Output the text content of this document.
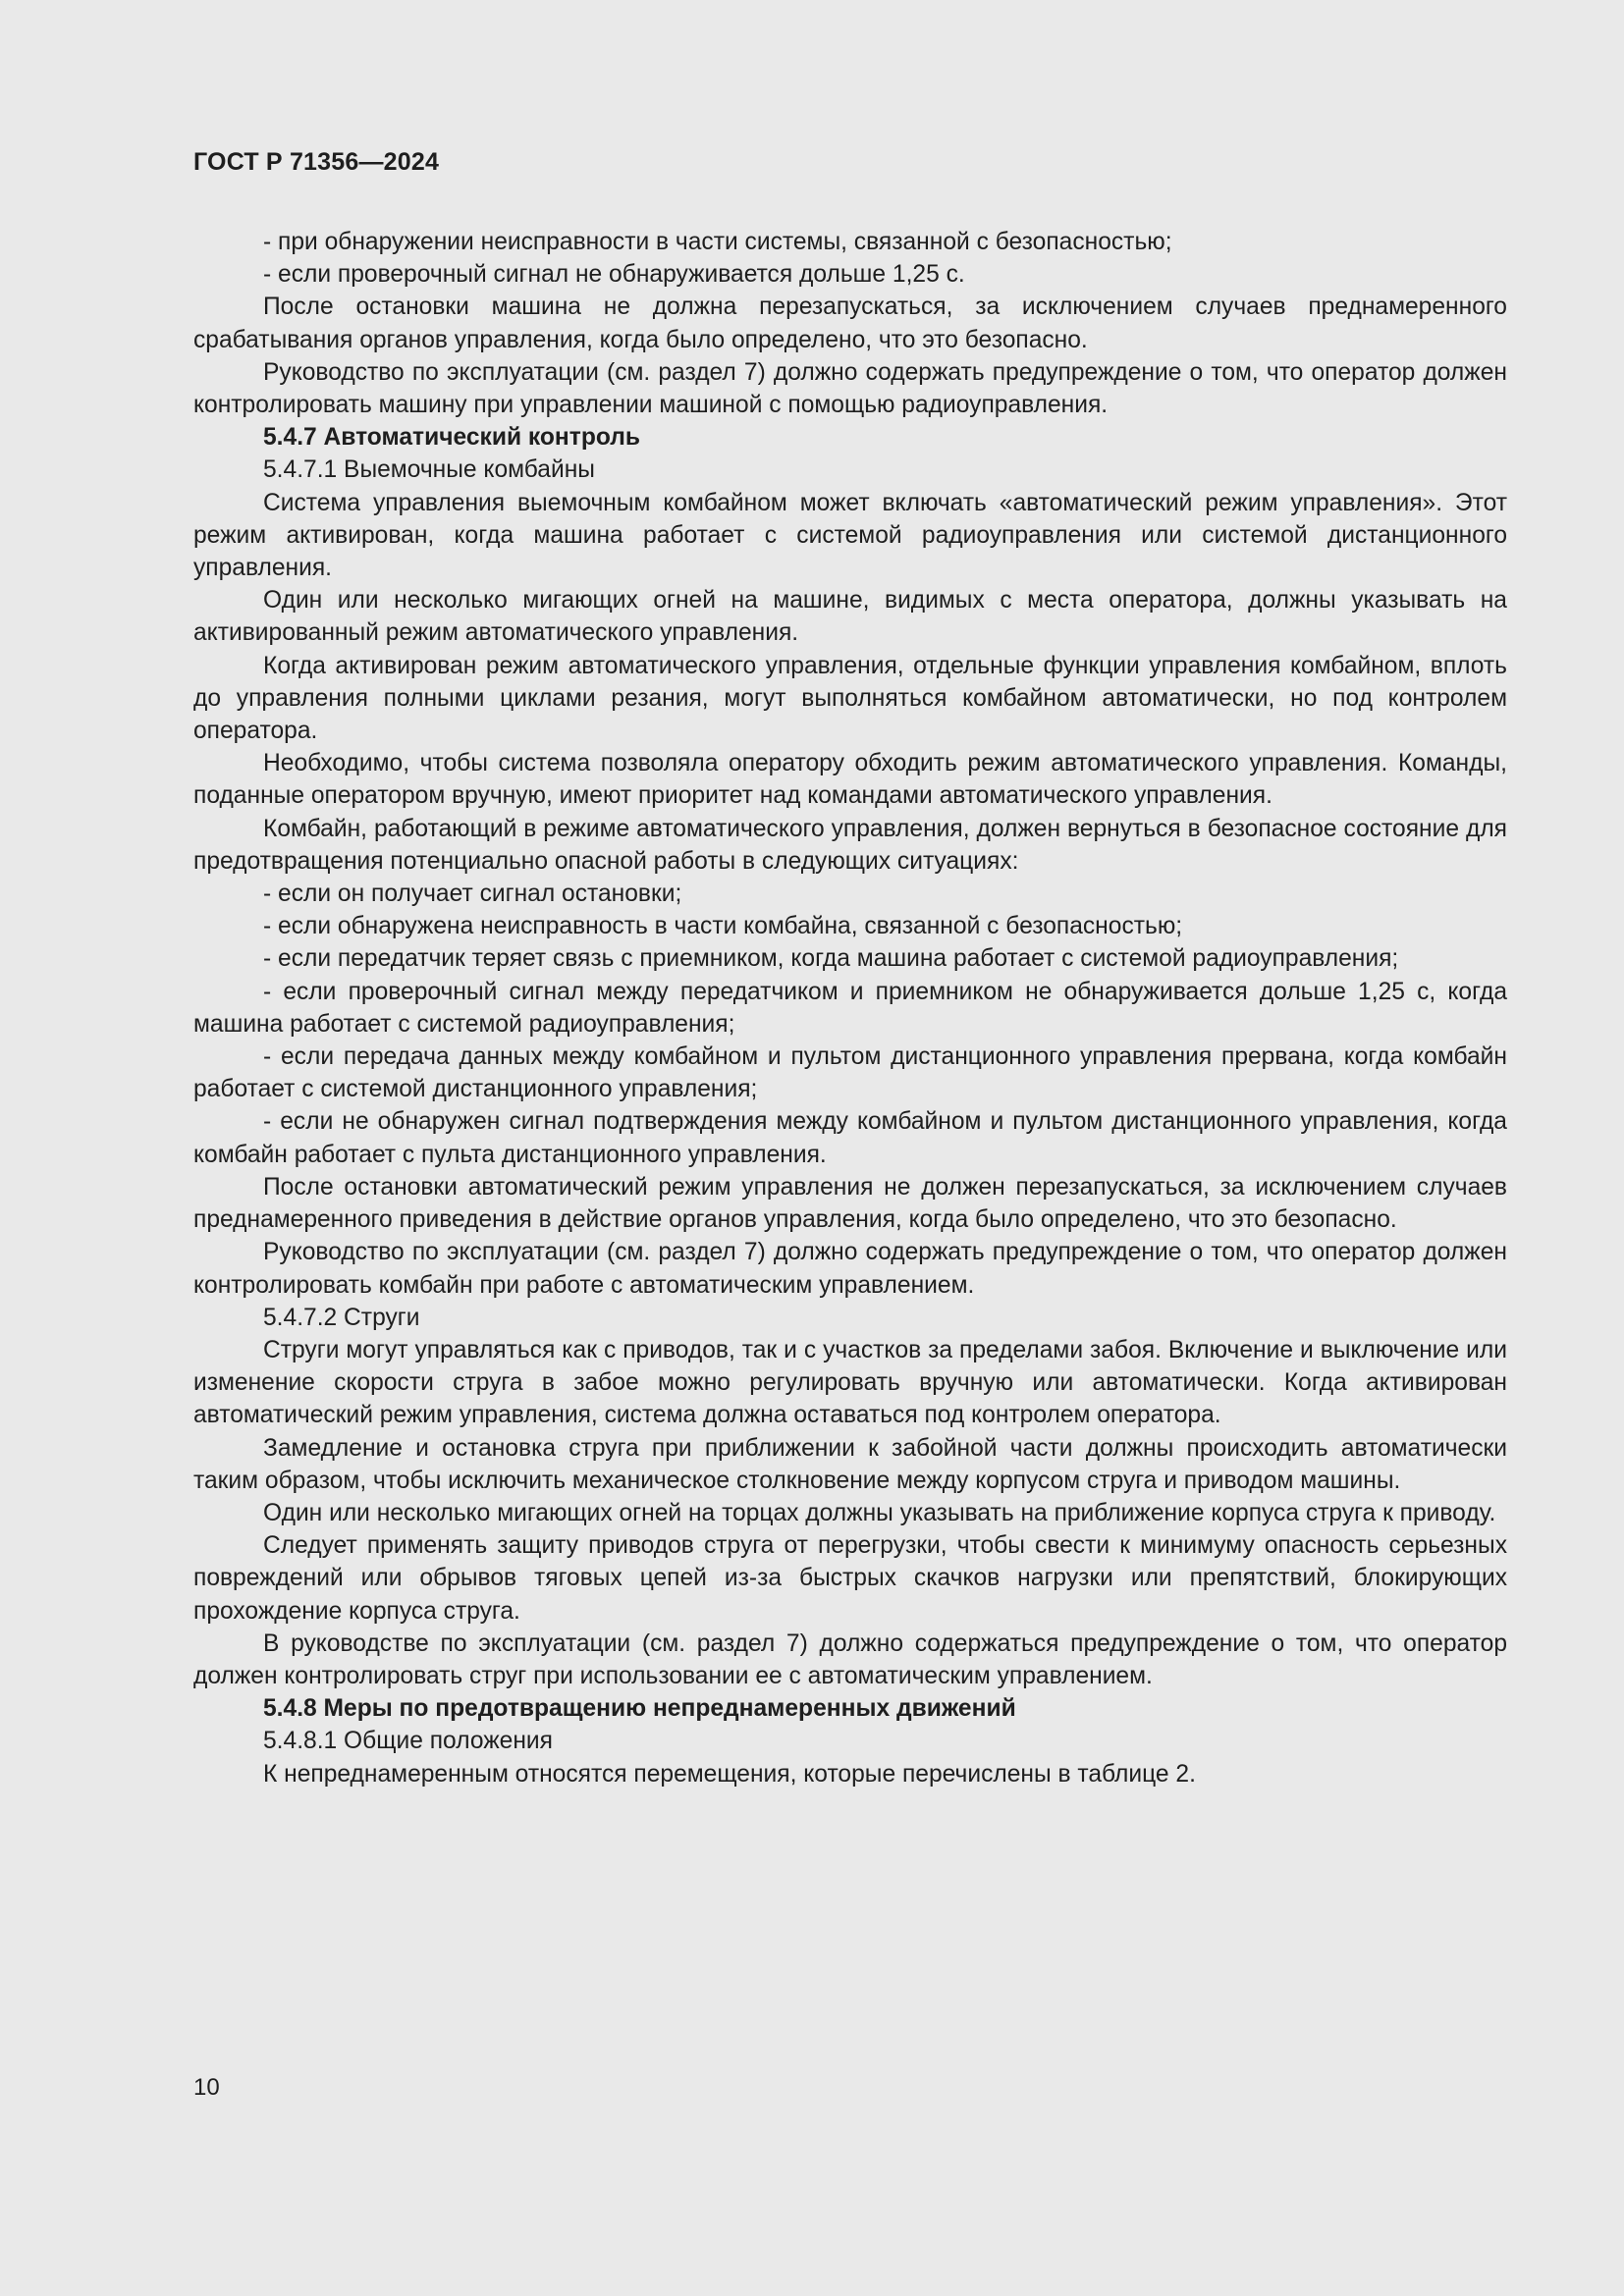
ГОСТ Р 71356—2024

- при обнаружении неисправности в части системы, связанной с безопасностью;

- если проверочный сигнал не обнаруживается дольше 1,25 с.

После остановки машина не должна перезапускаться, за исключением случаев преднамеренного срабатывания органов управления, когда было определено, что это безопасно.

Руководство по эксплуатации (см. раздел 7) должно содержать предупреждение о том, что оператор должен контролировать машину при управлении машиной с помощью радиоуправления.

5.4.7 Автоматический контроль

5.4.7.1 Выемочные комбайны

Система управления выемочным комбайном может включать «автоматический режим управления». Этот режим активирован, когда машина работает с системой радиоуправления или системой дистанционного управления.

Один или несколько мигающих огней на машине, видимых с места оператора, должны указывать на активированный режим автоматического управления.

Когда активирован режим автоматического управления, отдельные функции управления комбайном, вплоть до управления полными циклами резания, могут выполняться комбайном автоматически, но под контролем оператора.

Необходимо, чтобы система позволяла оператору обходить режим автоматического управления. Команды, поданные оператором вручную, имеют приоритет над командами автоматического управления.

Комбайн, работающий в режиме автоматического управления, должен вернуться в безопасное состояние для предотвращения потенциально опасной работы в следующих ситуациях:

- если он получает сигнал остановки;

- если обнаружена неисправность в части комбайна, связанной с безопасностью;

- если передатчик теряет связь с приемником, когда машина работает с системой радиоуправления;

- если проверочный сигнал между передатчиком и приемником не обнаруживается дольше 1,25 с, когда машина работает с системой радиоуправления;

- если передача данных между комбайном и пультом дистанционного управления прервана, когда комбайн работает с системой дистанционного управления;

- если не обнаружен сигнал подтверждения между комбайном и пультом дистанционного управления, когда комбайн работает с пульта дистанционного управления.

После остановки автоматический режим управления не должен перезапускаться, за исключением случаев преднамеренного приведения в действие органов управления, когда было определено, что это безопасно.

Руководство по эксплуатации (см. раздел 7) должно содержать предупреждение о том, что оператор должен контролировать комбайн при работе с автоматическим управлением.

5.4.7.2 Струги

Струги могут управляться как с приводов, так и с участков за пределами забоя. Включение и выключение или изменение скорости струга в забое можно регулировать вручную или автоматически. Когда активирован автоматический режим управления, система должна оставаться под контролем оператора.

Замедление и остановка струга при приближении к забойной части должны происходить автоматически таким образом, чтобы исключить механическое столкновение между корпусом струга и приводом машины.

Один или несколько мигающих огней на торцах должны указывать на приближение корпуса струга к приводу.

Следует применять защиту приводов струга от перегрузки, чтобы свести к минимуму опасность серьезных повреждений или обрывов тяговых цепей из-за быстрых скачков нагрузки или препятствий, блокирующих прохождение корпуса струга.

В руководстве по эксплуатации (см. раздел 7) должно содержаться предупреждение о том, что оператор должен контролировать струг при использовании ее с автоматическим управлением.

5.4.8 Меры по предотвращению непреднамеренных движений

5.4.8.1 Общие положения

К непреднамеренным относятся перемещения, которые перечислены в таблице 2.

10
